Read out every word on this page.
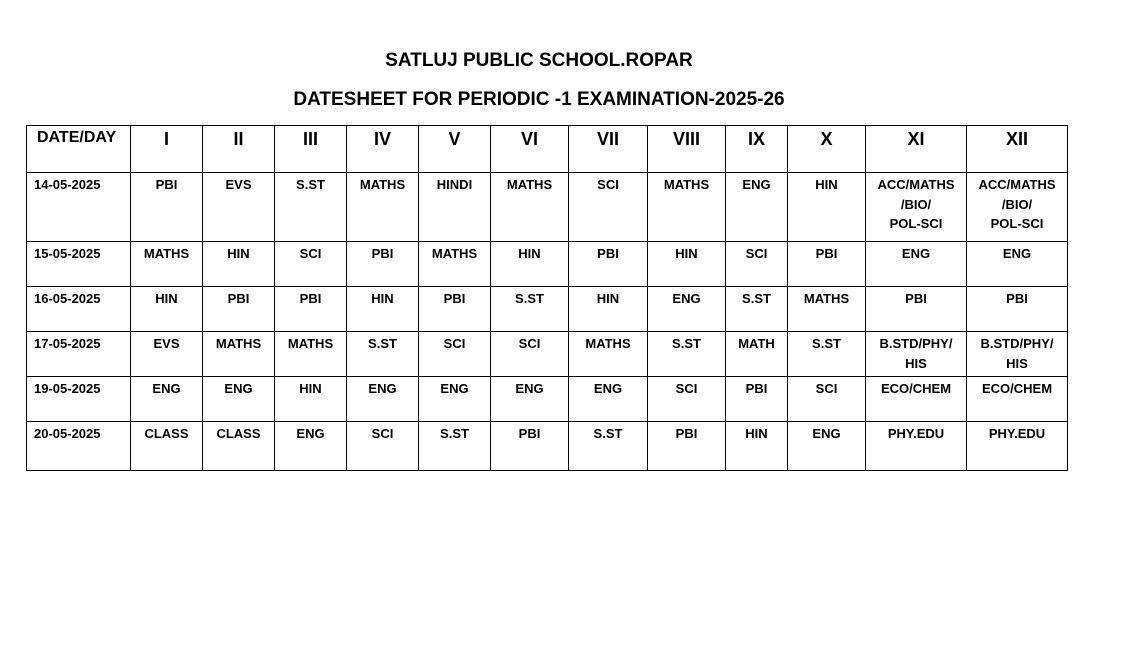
SATLUJ PUBLIC SCHOOL.ROPAR
DATESHEET FOR PERIODIC -1 EXAMINATION-2025-26
DATE/DAY	I	II	III	IV	V	VI	VII	VIII	IX	X	XI	XII

14-05-2025	PBI	EVS	S.ST	MATHS	HINDI	MATHS	SCI	MATHS	ENG	HIN	ACC/MATHS
/BIO/
POL-SCI	ACC/MATHS
/BIO/
POL-SCI

15-05-2025	MATHS	HIN	SCI	PBI	MATHS	HIN	PBI	HIN	SCI	PBI	ENG	ENG

16-05-2025	HIN	PBI	PBI	HIN	PBI	S.ST	HIN	ENG	S.ST	MATHS	PBI	PBI

17-05-2025	EVS	MATHS	MATHS	S.ST	SCI	SCI	MATHS	S.ST	MATH	S.ST	B.STD/PHY/
HIS	B.STD/PHY/
HIS

19-05-2025	ENG	ENG	HIN	ENG	ENG	ENG	ENG	SCI	PBI	SCI	ECO/CHEM	ECO/CHEM

20-05-2025	CLASS	CLASS	ENG	SCI	S.ST	PBI	S.ST	PBI	HIN	ENG	PHY.EDU	PHY.EDU
